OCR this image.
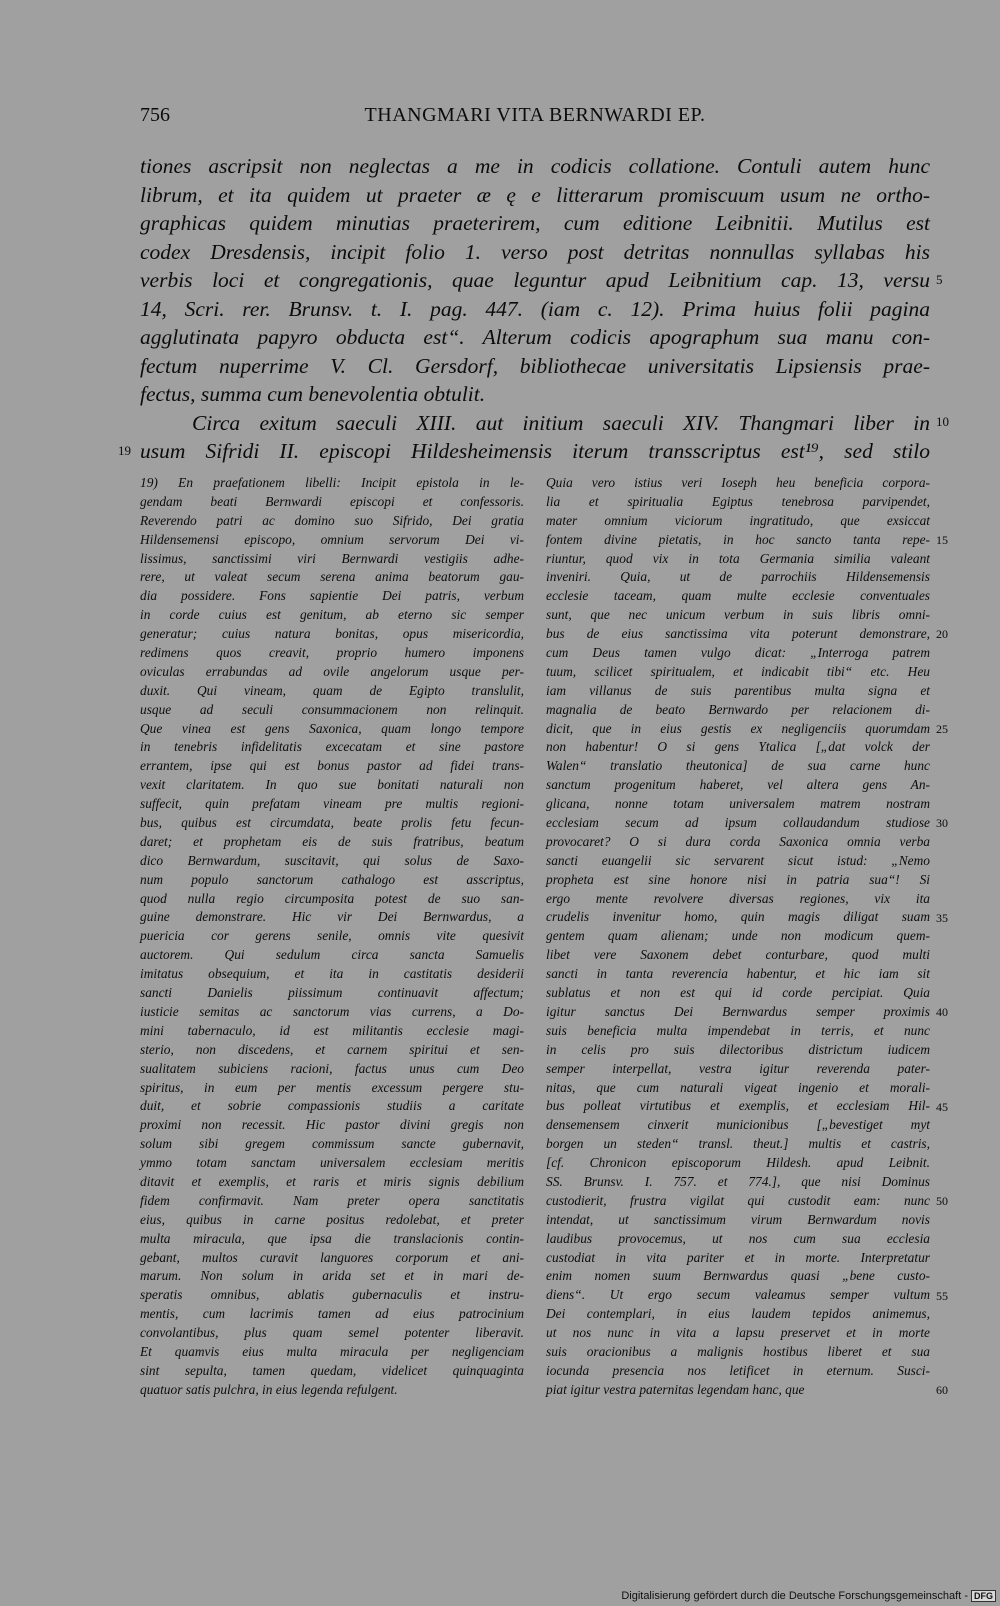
756	THANGMARI VITA BERNWARDI EP.
tiones ascripsit non neglectas a me in codicis collatione. Contuli autem hunc
librum, et ita quidem ut praeter æ ę e litterarum promiscuum usum ne ortho-
graphicas quidem minutias praeterirem, cum editione Leibnitii. Mutilus est
codex Dresdensis, incipit folio 1. verso post detritas nonnullas syllabas his
verbis loci et congregationis, quae leguntur apud Leibnitium cap. 13, versu
14, Scri. rer. Brunsv. t. I. pag. 447. (iam c. 12). Prima huius folii pagina
agglutinata papyro obducta est“. Alterum codicis apographum sua manu con-
fectum nuperrime V. Cl. Gersdorf, bibliothecae universitatis Lipsiensis prae-
fectus, summa cum benevolentia obtulit.
Circa exitum saeculi XIII. aut initium saeculi XIV. Thangmari liber in
usum Sifridi II. episcopi Hildesheimensis iterum transscriptus est¹⁹, sed stilo
5
10
19
19) En praefationem libelli: Incipit epistola in le-
gendam beati Bernwardi episcopi et confessoris.
Reverendo patri ac domino suo Sifrido, Dei gratia
Hildensemensi episcopo, omnium servorum Dei vi-
lissimus, sanctissimi viri Bernwardi vestigiis adhe-
rere, ut valeat secum serena anima beatorum gau-
dia possidere. Fons sapientie Dei patris, verbum
in corde cuius est genitum, ab eterno sic semper
generatur; cuius natura bonitas, opus misericordia,
redimens quos creavit, proprio humero imponens
oviculas errabundas ad ovile angelorum usque per-
duxit. Qui vineam, quam de Egipto translulit,
usque ad seculi consummacionem non relinquit.
Que vinea est gens Saxonica, quam longo tempore
in tenebris infidelitatis excecatam et sine pastore
errantem, ipse qui est bonus pastor ad fidei trans-
vexit claritatem. In quo sue bonitati naturali non
suffecit, quin prefatam vineam pre multis regioni-
bus, quibus est circumdata, beate prolis fetu fecun-
daret; et prophetam eis de suis fratribus, beatum
dico Bernwardum, suscitavit, qui solus de Saxo-
num populo sanctorum cathalogo est asscriptus,
quod nulla regio circumposita potest de suo san-
guine demonstrare. Hic vir Dei Bernwardus, a
puericia cor gerens senile, omnis vite quesivit
auctorem. Qui sedulum circa sancta Samuelis
imitatus obsequium, et ita in castitatis desiderii
sancti Danielis piissimum continuavit affectum;
iusticie semitas ac sanctorum vias currens, a Do-
mini tabernaculo, id est militantis ecclesie magi-
sterio, non discedens, et carnem spiritui et sen-
sualitatem subiciens racioni, factus unus cum Deo
spiritus, in eum per mentis excessum pergere stu-
duit, et sobrie compassionis studiis a caritate
proximi non recessit. Hic pastor divini gregis non
solum sibi gregem commissum sancte gubernavit,
ymmo totam sanctam universalem ecclesiam meritis
ditavit et exemplis, et raris et miris signis debilium
fidem confirmavit. Nam preter opera sanctitatis
eius, quibus in carne positus redolebat, et preter
multa miracula, que ipsa die translacionis contin-
gebant, multos curavit languores corporum et ani-
marum. Non solum in arida set et in mari de-
speratis omnibus, ablatis gubernaculis et instru-
mentis, cum lacrimis tamen ad eius patrocinium
convolantibus, plus quam semel potenter liberavit.
Et quamvis eius multa miracula per negligenciam
sint sepulta, tamen quedam, videlicet quinquaginta
quatuor satis pulchra, in eius legenda refulgent.
Quia vero istius veri Ioseph heu beneficia corpora-
lia et spiritualia Egiptus tenebrosa parvipendet,
mater omnium viciorum ingratitudo, que exsiccat
fontem divine pietatis, in hoc sancto tanta repe-
riuntur, quod vix in tota Germania similia valeant
inveniri. Quia, ut de parrochiis Hildensemensis
ecclesie taceam, quam multe ecclesie conventuales
sunt, que nec unicum verbum in suis libris omni-
bus de eius sanctissima vita poterunt demonstrare,
cum Deus tamen vulgo dicat: „Interroga patrem
tuum, scilicet spiritualem, et indicabit tibi“ etc. Heu
iam villanus de suis parentibus multa signa et
magnalia de beato Bernwardo per relacionem di-
dicit, que in eius gestis ex negligenciis quorumdam
non habentur! O si gens Ytalica [„dat volck der
Walen“ translatio theutonica] de sua carne hunc
sanctum progenitum haberet, vel altera gens An-
glicana, nonne totam universalem matrem nostram
ecclesiam secum ad ipsum collaudandum studiose
provocaret? O si dura corda Saxonica omnia verba
sancti euangelii sic servarent sicut istud: „Nemo
propheta est sine honore nisi in patria sua“! Si
ergo mente revolvere diversas regiones, vix ita
crudelis invenitur homo, quin magis diligat suam
gentem quam alienam; unde non modicum quem-
libet vere Saxonem debet conturbare, quod multi
sancti in tanta reverencia habentur, et hic iam sit
sublatus et non est qui id corde percipiat. Quia
igitur sanctus Dei Bernwardus semper proximis
suis beneficia multa impendebat in terris, et nunc
in celis pro suis dilectoribus districtum iudicem
semper interpellat, vestra igitur reverenda pater-
nitas, que cum naturali vigeat ingenio et morali-
bus polleat virtutibus et exemplis, et ecclesiam Hil-
densemensem cinxerit municionibus [„bevestiget myt
borgen un steden“ transl. theut.] multis et castris,
[cf. Chronicon episcoporum Hildesh. apud Leibnit.
SS. Brunsv. I. 757. et 774.], que nisi Dominus
custodierit, frustra vigilat qui custodit eam: nunc
intendat, ut sanctissimum virum Bernwardum novis
laudibus provocemus, ut nos cum sua ecclesia
custodiat in vita pariter et in morte. Interpretatur
enim nomen suum Bernwardus quasi „bene custo-
diens“. Ut ergo secum valeamus semper vultum
Dei contemplari, in eius laudem tepidos animemus,
ut nos nunc in vita a lapsu preservet et in morte
suis oracionibus a malignis hostibus liberet et sua
iocunda presencia nos letificet in eternum. Susci-
piat igitur vestra paternitas legendam hanc, que
15
20
25
30
35
40
45
50
55
60
Digitalisierung gefördert durch die Deutsche Forschungsgemeinschaft - DFG
